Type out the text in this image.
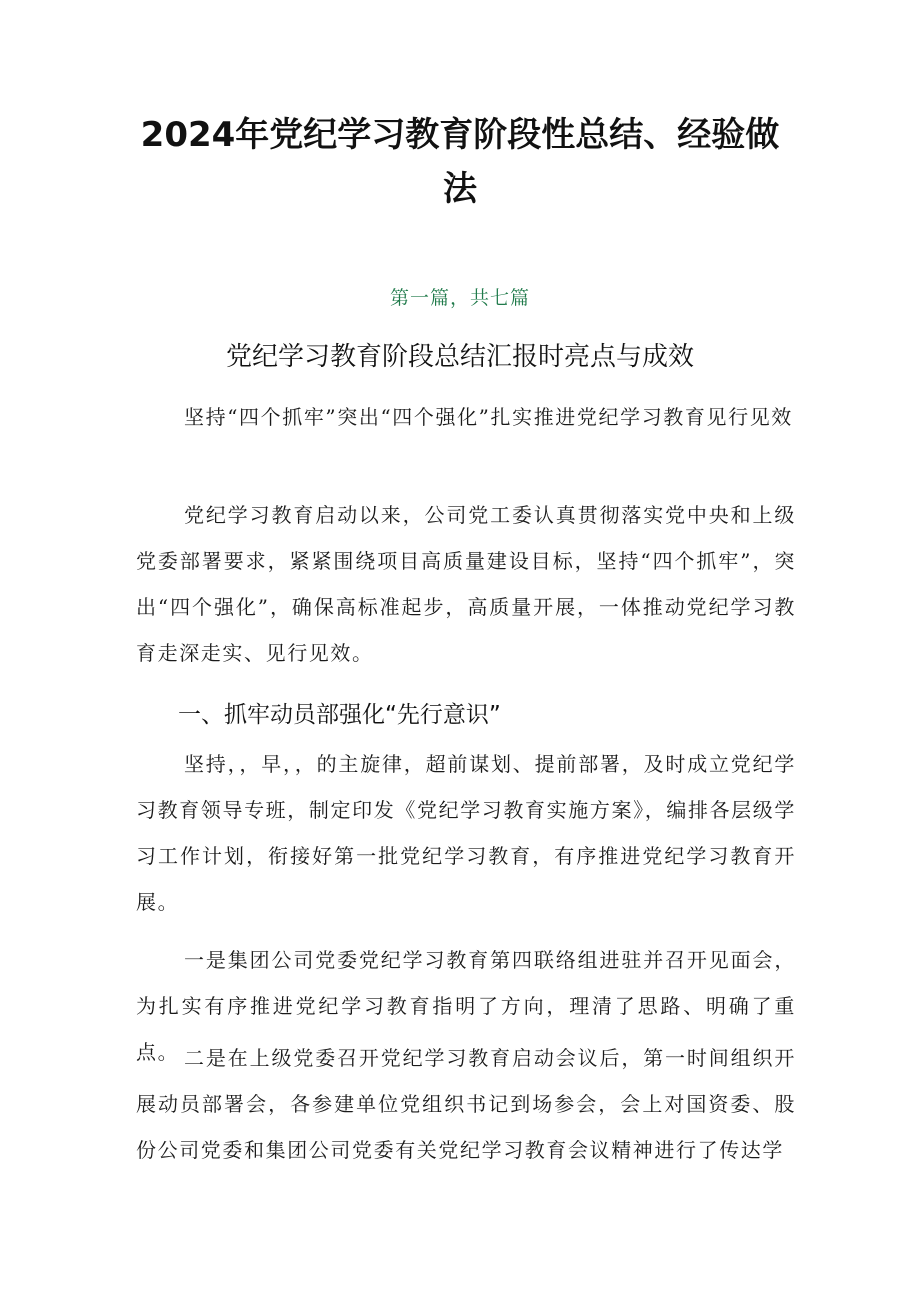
2024年党纪学习教育阶段性总结、经验做法
第一篇，共七篇
党纪学习教育阶段总结汇报时亮点与成效

坚持“四个抓牢”突出“四个强化”扎实推进党纪学习教育见行见效

党纪学习教育启动以来，公司党工委认真贯彻落实党中央和上级党委部署要求，紧紧围绕项目高质量建设目标，坚持“四个抓牢”，突出“四个强化”，确保高标准起步，高质量开展，一体推动党纪学习教育走深走实、见行见效。

一、抓牢动员部强化“先行意识”

坚持，，早，，的主旋律，超前谋划、提前部署，及时成立党纪学习教育领导专班，制定印发《党纪学习教育实施方案》，编排各层级学习工作计划，衔接好第一批党纪学习教育，有序推进党纪学习教育开展。

一是集团公司党委党纪学习教育第四联络组进驻并召开见面会，为扎实有序推进党纪学习教育指明了方向，理清了思路、明确了重点。 二是在上级党委召开党纪学习教育启动会议后，第一时间组织开展动员部署会，各参建单位党组织书记到场参会，会上对国资委、股份公司党委和集团公司党委有关党纪学习教育会议精神进行了传达学
